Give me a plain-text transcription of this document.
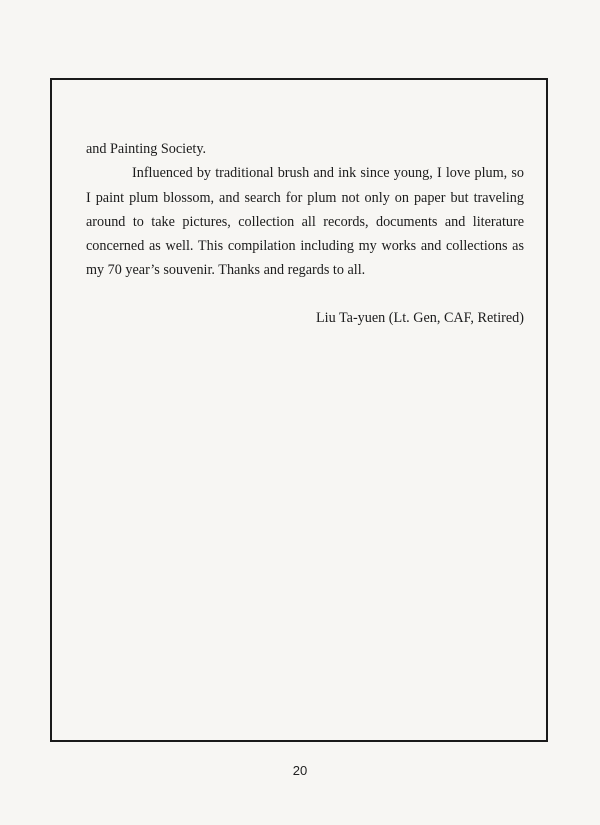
and Painting Society.

Influenced by traditional brush and ink since young, I love plum, so I paint plum blossom, and search for plum not only on paper but traveling around to take pictures, collection all records, documents and literature concerned as well. This compilation including my works and collections as my 70 year’s souvenir. Thanks and regards to all.

Liu Ta-yuen (Lt. Gen, CAF, Retired)
20
